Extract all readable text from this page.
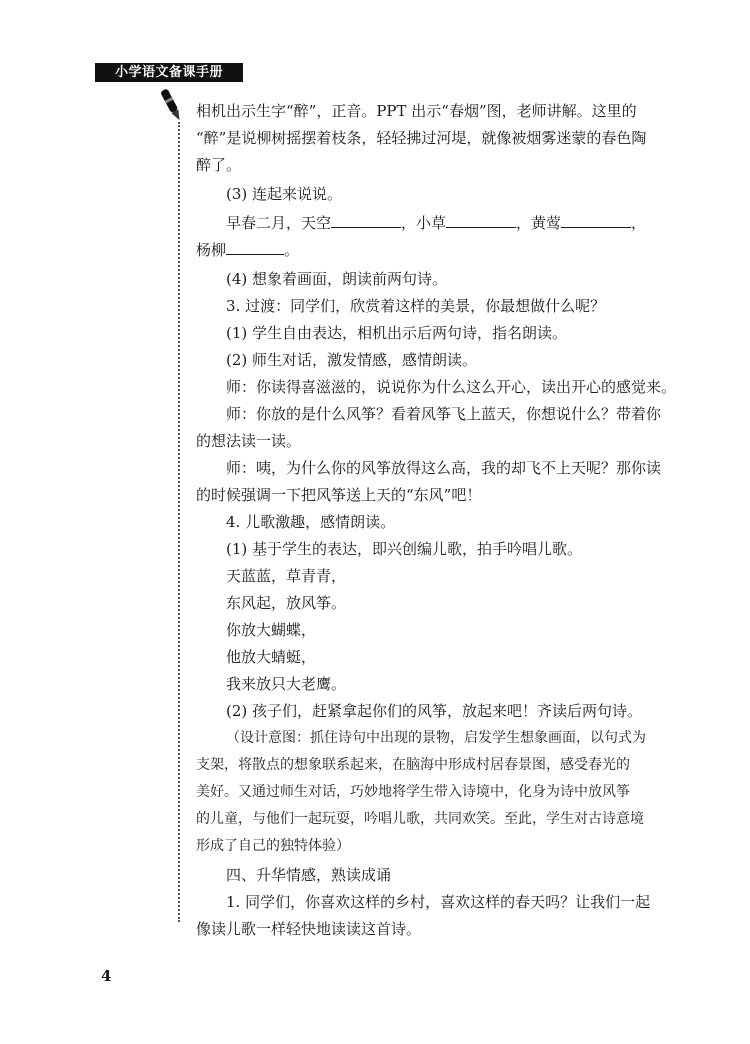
小学语文备课手册
相机出示生字“醉”，正音。PPT 出示“春烟”图，老师讲解。这里的
“醉”是说柳树摇摆着枝条，轻轻拂过河堤，就像被烟雾迷蒙的春色陶
醉了。
(3) 连起来说说。
早春二月，天空	，小草	，黄莺	，
杨柳	。
(4) 想象着画面，朗读前两句诗。
3. 过渡：同学们，欣赏着这样的美景，你最想做什么呢？
(1) 学生自由表达，相机出示后两句诗，指名朗读。
(2) 师生对话，激发情感，感情朗读。
师：你读得喜滋滋的，说说你为什么这么开心，读出开心的感觉来。
师：你放的是什么风筝？看着风筝飞上蓝天，你想说什么？带着你
的想法读一读。
师：咦，为什么你的风筝放得这么高，我的却飞不上天呢？那你读
的时候强调一下把风筝送上天的“东风”吧！
4. 儿歌激趣，感情朗读。
(1) 基于学生的表达，即兴创编儿歌，拍手吟唱儿歌。
天蓝蓝，草青青，
东风起，放风筝。
你放大蝴蝶，
他放大蜻蜓，
我来放只大老鹰。
(2) 孩子们，赶紧拿起你们的风筝，放起来吧！齐读后两句诗。
（设计意图：抓住诗句中出现的景物，启发学生想象画面，以句式为
支架，将散点的想象联系起来，在脑海中形成村居春景图，感受春光的
美好。又通过师生对话，巧妙地将学生带入诗境中，化身为诗中放风筝
的儿童，与他们一起玩耍，吟唱儿歌，共同欢笑。至此，学生对古诗意境
形成了自己的独特体验）
四、升华情感，熟读成诵
1. 同学们，你喜欢这样的乡村，喜欢这样的春天吗？让我们一起
像读儿歌一样轻快地读读这首诗。
4
